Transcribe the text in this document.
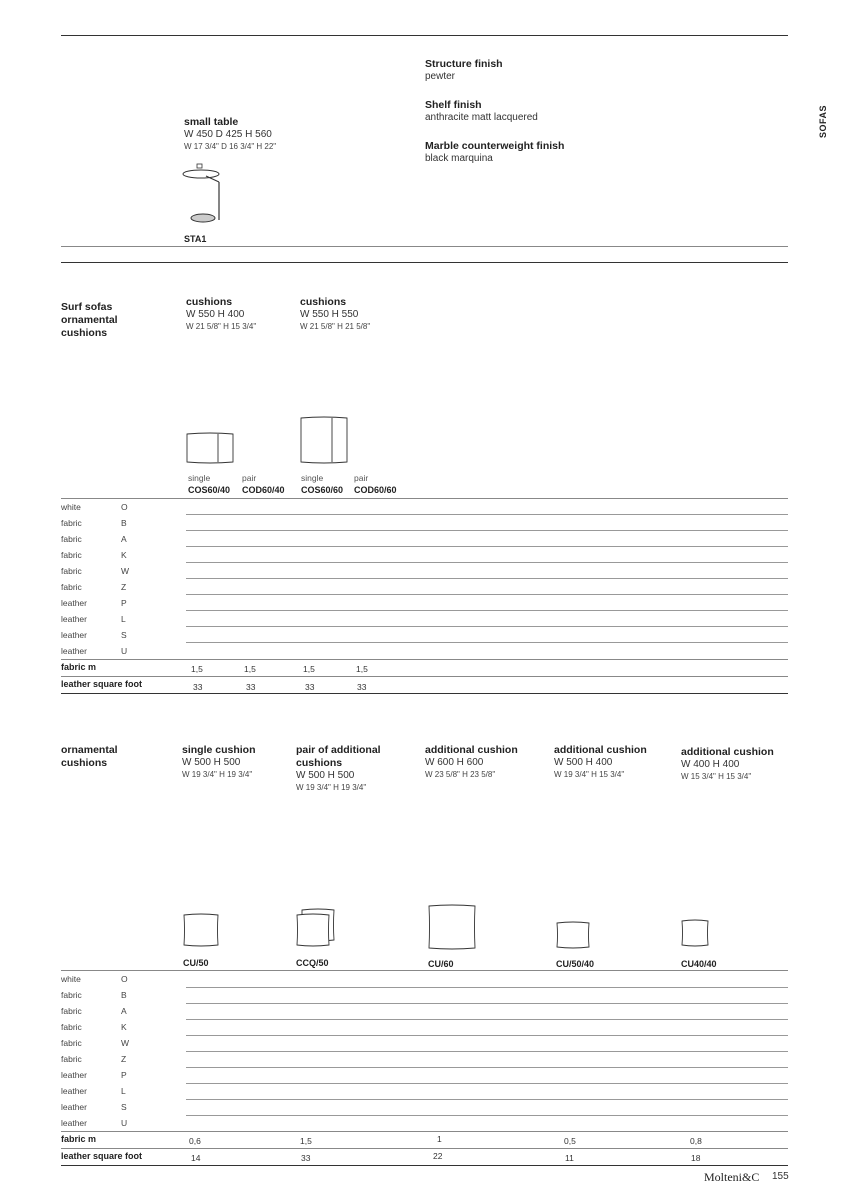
SOFAS
small table
W 450 D 425 H 560
W 17 3/4" D 16 3/4" H 22"
STA1
Structure finish
pewter
Shelf finish
anthracite matt lacquered
Marble counterweight finish
black marquina
Surf sofas
ornamental
cushions
cushions
W 550 H 400
W 21 5/8" H 15 3/4"
cushions
W 550 H 550
W 21 5/8" H 21 5/8"
single	pair	single	pair
COS60/40 COD60/40 COS60/60 COD60/60
white	O
fabric	B
fabric	A
fabric	K
fabric	W
fabric	Z
leather	P
leather	L
leather	S
leather	U
fabric m	1,5	1,5	1,5	1,5
leather square foot	33	33	33	33
ornamental
cushions
single cushion
W 500 H 500
W 19 3/4" H 19 3/4"
pair of additional
cushions
W 500 H 500
W 19 3/4" H 19 3/4"
additional cushion
W 600 H 600
W 23 5/8" H 23 5/8"
additional cushion
W 500 H 400
W 19 3/4" H 15 3/4"
additional cushion
W 400 H 400
W 15 3/4" H 15 3/4"
CU/50	CCQ/50	CU/60	CU/50/40	CU40/40
white	O
fabric	B
fabric	A
fabric	K
fabric	W
fabric	Z
leather	P
leather	L
leather	S
leather	U
fabric m	0,6	1,5	1	0,5	0,8
leather square foot	14	33	22	11	18
Molteni&C 155
